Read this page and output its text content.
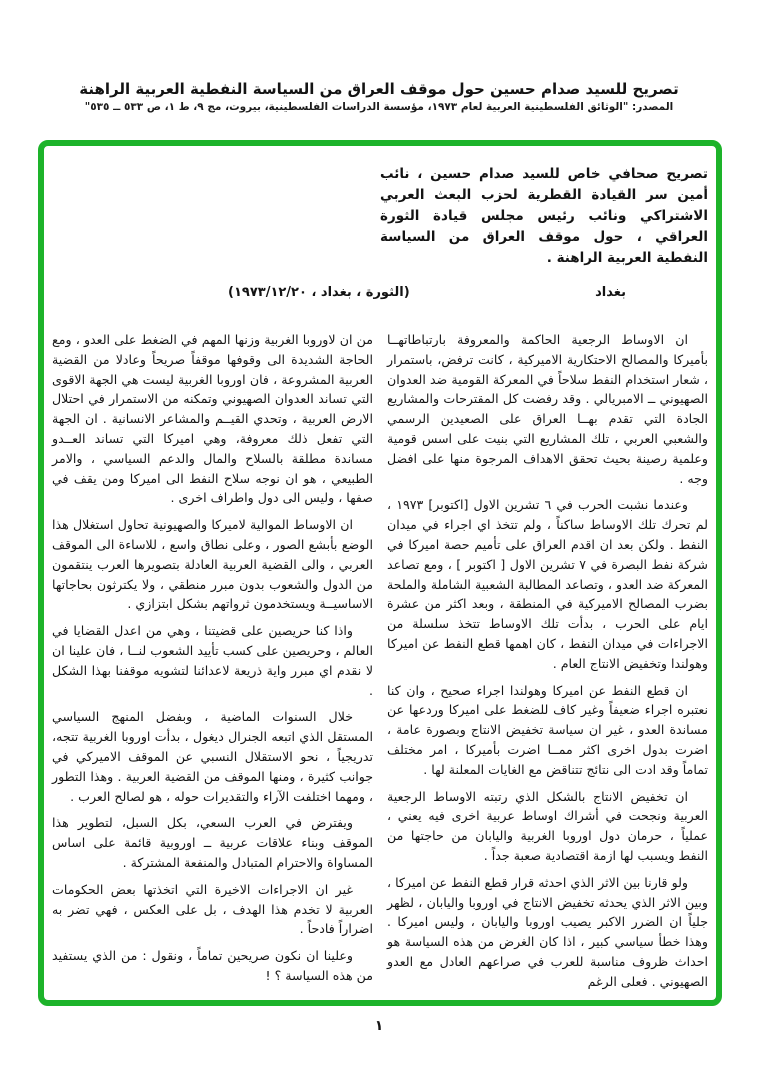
تصريح للسيد صدام حسين حول موقف العراق من السياسة النفطية العربية الراهنة
المصدر: "الوثائق الفلسطينية العربية لعام ١٩٧٣، مؤسسة الدراسات الفلسطينية، بيروت، مج ٩، ط ١، ص ٥٣٣ ــ ٥٣٥"
تصريح صحافي خاص للسيد صدام حسين ، نائب أمين سر القيادة القطرية لحزب البعث العربي الاشتراكي ونائب رئيس مجلس قيادة الثورة العراقي ، حول موقف العراق من السياسة النفطية العربية الراهنة .
بغداد
(الثورة ، بغداد ، ١٩٧٣/١٢/٢٠)

ان الاوساط الرجعية الحاكمة والمعروفة بارتباطاتهــا بأميركا والمصالح الاحتكارية الاميركية ، كانت ترفض، باستمرار ، شعار استخدام النفط سلاحاً في المعركة القومية ضد العدوان الصهيوني ــ الامبريالي . وقد رفضت كل المقترحات والمشاريع الجادة التي تقدم بهــا العراق على الصعيدين الرسمي والشعبي العربي ، تلك المشاريع التي بنيت على اسس قومية وعلمية رصينة بحيث تحقق الاهداف المرجوة منها على افضل وجه .

وعندما نشبت الحرب في ٦ تشرين الاول [اكتوبر] ١٩٧٣ ، لم تحرك تلك الاوساط ساكناً ، ولم تتخذ اي اجراء في ميدان النفط . ولكن بعد ان اقدم العراق على تأميم حصة اميركا في شركة نفط البصرة في ٧ تشرين الاول [ اكتوبر ] ، ومع تصاعد المعركة ضد العدو ، وتصاعد المطالبة الشعبية الشاملة والملحة بضرب المصالح الاميركية في المنطقة ، وبعد اكثر من عشرة ايام على الحرب ، بدأت تلك الاوساط تتخذ سلسلة من الاجراءات في ميدان النفط ، كان اهمها قطع النفط عن اميركا وهولندا وتخفيض الانتاج العام .

ان قطع النفط عن اميركا وهولندا اجراء صحيح ، وان كنا نعتبره اجراء ضعيفاً وغير كاف للضغط على اميركا وردعها عن مساندة العدو ، غير ان سياسة تخفيض الانتاج وبصورة عامة ، اضرت بدول اخرى اكثر ممــا اضرت بأميركا ، امر مختلف تماماً وقد ادت الى نتائج تتناقض مع الغايات المعلنة لها .

ان تخفيض الانتاج بالشكل الذي رتبته الاوساط الرجعية العربية ونجحت في أشراك اوساط عربية اخرى فيه يعني ، عملياً ، حرمان دول اوروبا الغربية واليابان من حاجتها من النفط ويسبب لها ازمة اقتصادية صعبة جداً .

ولو قارنا بين الاثر الذي احدثه قرار قطع النفط عن اميركا ، وبين الاثر الذي يحدثه تخفيض الانتاج في اوروبا واليابان ، لظهر جلياً ان الضرر الاكبر يصيب اوروبا واليابان ، وليس اميركا . وهذا خطأ سياسي كبير ، اذا كان الغرض من هذه السياسة هو احداث ظروف مناسبة للعرب في صراعهم العادل مع العدو الصهيوني . فعلى الرغم

من ان لاوروبا الغربية وزنها المهم في الضغط على العدو ، ومع الحاجة الشديدة الى وقوفها موقفاً صريحاً وعادلا من القضية العربية المشروعة ، فان اوروبا الغربية ليست هي الجهة الاقوى التي تساند العدوان الصهيوني وتمكنه من الاستمرار في احتلال الارض العربية ، وتحدي القيــم والمشاعر الانسانية . ان الجهة التي تفعل ذلك معروفة، وهي اميركا التي تساند العــدو مساندة مطلقة بالسلاح والمال والدعم السياسي ، والامر الطبيعي ، هو ان نوجه سلاح النفط الى اميركا ومن يقف في صفها ، وليس الى دول واطراف اخرى .

ان الاوساط الموالية لاميركا والصهيونية تحاول استغلال هذا الوضع بأبشع الصور ، وعلى نطاق واسع ، للاساءة الى الموقف العربي ، والى القضية العربية العادلة بتصويرها العرب ينتقمون من الدول والشعوب بدون مبرر منطقي ، ولا يكترثون بحاجاتها الاساسيــة ويستخدمون ثرواتهم بشكل ابتزازي .

واذا كنا حريصين على قضيتنا ، وهي من اعدل القضايا في العالم ، وحريصين على كسب تأييد الشعوب لنــا ، فان علينا ان لا نقدم اي مبرر واية ذريعة لاعدائنا لتشويه موقفنا بهذا الشكل .

خلال السنوات الماضية ، وبفضل المنهج السياسي المستقل الذي اتبعه الجنرال ديغول ، بدأت اوروبا الغربية تتجه، تدريجياً ، نحو الاستقلال النسبي عن الموقف الاميركي في جوانب كثيرة ، ومنها الموقف من القضية العربية . وهذا التطور ، ومهما اختلفت الآراء والتقديرات حوله ، هو لصالح العرب .

ويفترض في العرب السعي، بكل السبل، لتطوير هذا الموقف وبناء علاقات عربية ــ اوروبية قائمة على اساس المساواة والاحترام المتبادل والمنفعة المشتركة .

غير ان الاجراءات الاخيرة التي اتخذتها بعض الحكومات العربية لا تخدم هذا الهدف ، بل على العكس ، فهي تضر به اضراراً فادحاً .

وعلينا ان نكون صريحين تماماً ، ونقول : من الذي يستفيد من هذه السياسة ؟ !

١
